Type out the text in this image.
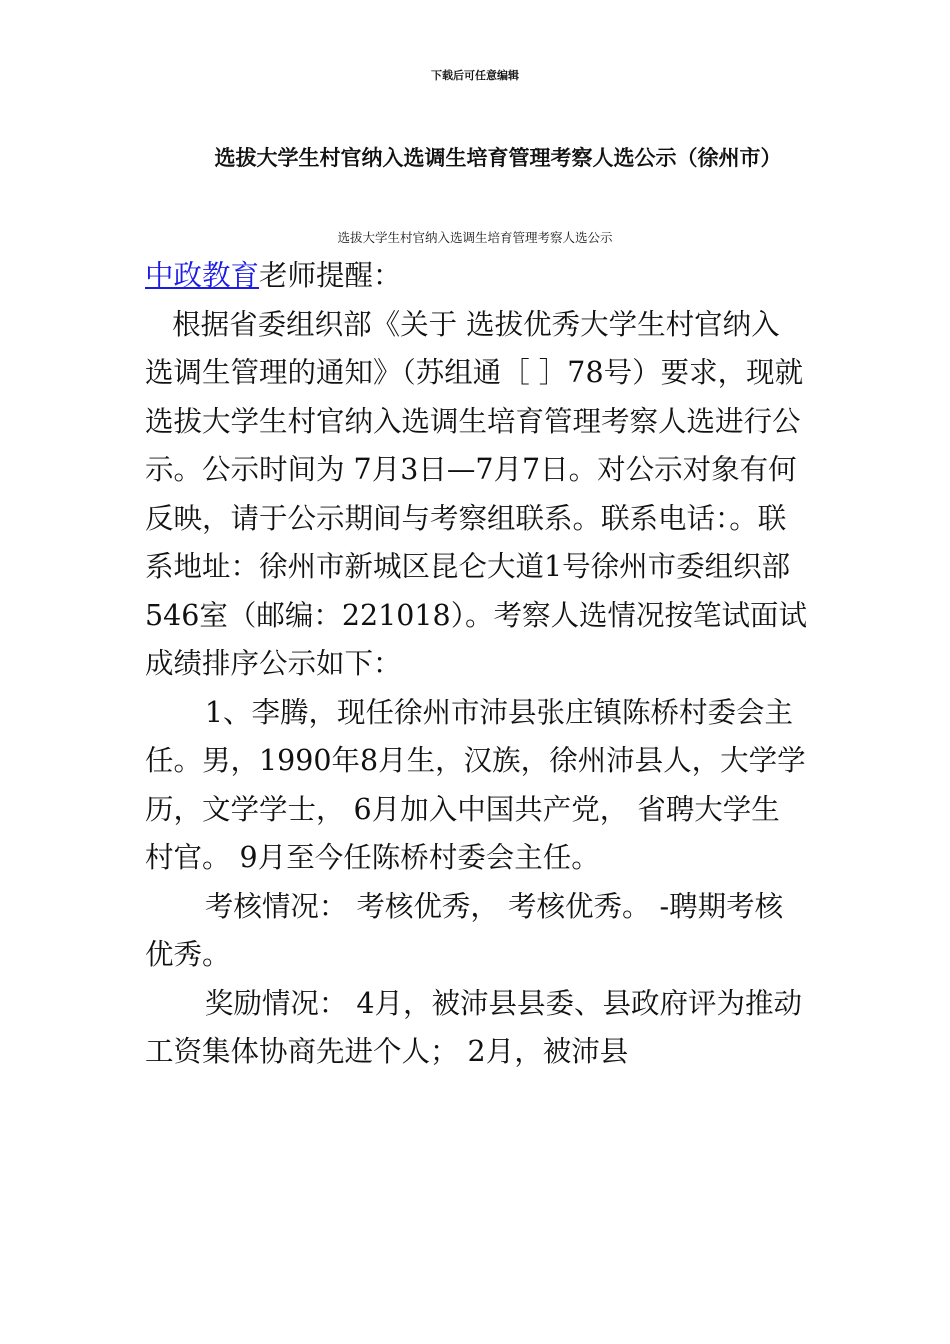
下载后可任意编辑
选拔大学生村官纳入选调生培育管理考察人选公示（徐州市）
选拔大学生村官纳入选调生培育管理考察人选公示

中政教育老师提醒：

根据省委组织部《关于 选拔优秀大学生村官纳入选调生管理的通知》（苏组通［ ］78号）要求，现就选拔大学生村官纳入选调生培育管理考察人选进行公示。公示时间为 7月3日—7月7日。对公示对象有何反映，请于公示期间与考察组联系。联系电话：。联系地址：徐州市新城区昆仑大道1号徐州市委组织部546室（邮编：221018）。考察人选情况按笔试面试成绩排序公示如下：

1、李腾，现任徐州市沛县张庄镇陈桥村委会主任。男，1990年8月生，汉族，徐州沛县人，大学学历，文学学士， 6月加入中国共产党， 省聘大学生村官。 9月至今任陈桥村委会主任。

考核情况： 考核优秀， 考核优秀。 -聘期考核优秀。

奖励情况： 4月，被沛县县委、县政府评为推动工资集体协商先进个人； 2月，被沛县
